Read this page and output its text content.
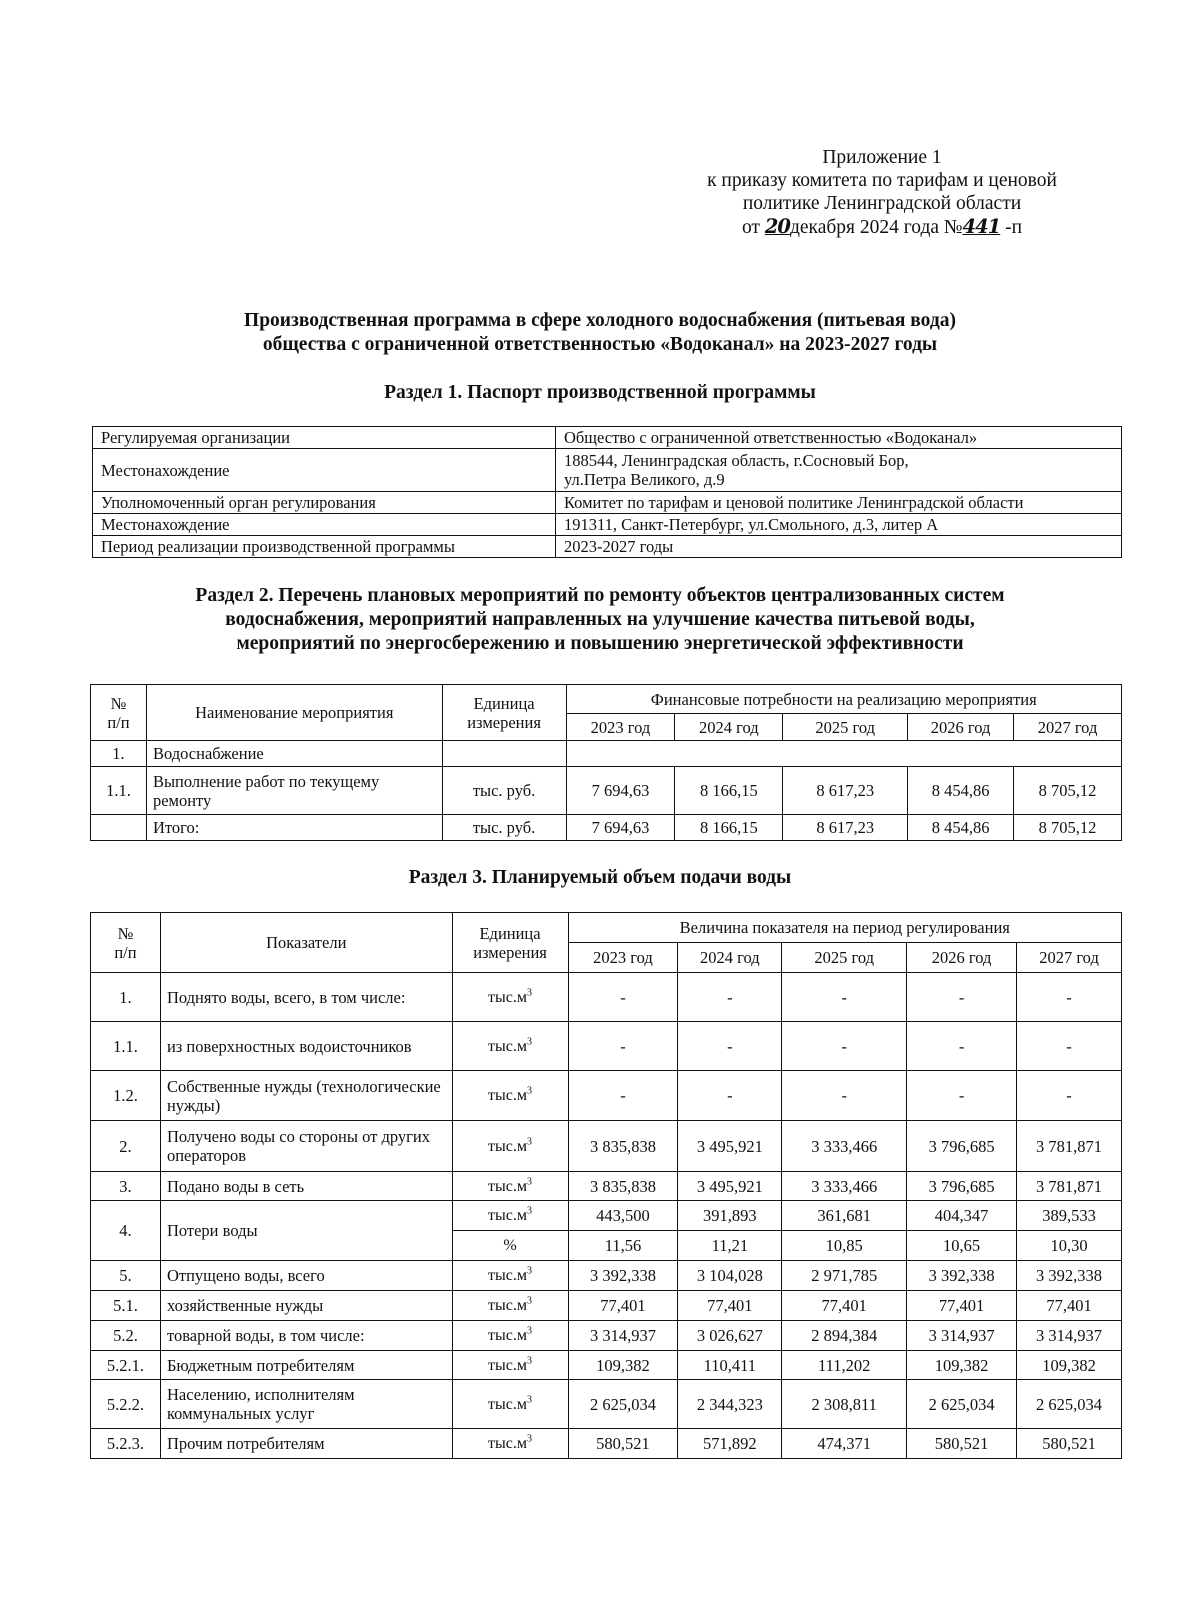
Приложение 1
к приказу комитета по тарифам и ценовой
политике Ленинградской области
от 20декабря 2024 года №441 -п
Производственная программа в сфере холодного водоснабжения (питьевая вода)
общества с ограниченной ответственностью «Водоканал» на 2023-2027 годы
Раздел 1. Паспорт производственной программы
Регулируемая организации	Общество с ограниченной ответственностью «Водоканал»
Местонахождение	188544, Ленинградская область, г.Сосновый Бор,
ул.Петра Великого, д.9

Уполномоченный орган регулирования	Комитет по тарифам и ценовой политике Ленинградской области
Местонахождение	191311, Санкт-Петербург, ул.Смольного, д.3, литер А
Период реализации производственной программы	2023-2027 годы
Раздел 2. Перечень плановых мероприятий по ремонту объектов централизованных систем
водоснабжения, мероприятий направленных на улучшение качества питьевой воды,
мероприятий по энергосбережению и повышению энергетической эффективности
№
п/п	Наименование мероприятия	Единица
измерения
	Финансовые потребности на реализацию мероприятия
			2023 год	2024 год	2025 год	2026 год	2027 год
1.	Водоснабжение						
1.1.	Выполнение работ по текущему ремонту	тыс. руб.	7 694,63	8 166,15	8 617,23	8 454,86	8 705,12
	Итого:	тыс. руб.	7 694,63	8 166,15	8 617,23	8 454,86	8 705,12
Раздел 3. Планируемый объем подачи воды
№
п/п	Показатели	Единица
измерения
	Величина показателя на период регулирования
			2023 год	2024 год	2025 год	2026 год	2027 год
1.	Поднято воды, всего, в том числе:	$тыс.м^3$	-	-	-	-	-
1.1.	из поверхностных водоисточников	$тыс.м^3$	-	-	-	-	-
1.2.	Собственные нужды (технологические нужды)	$тыс.м^3$	-	-	-	-	-
2.	Получено воды со стороны от других операторов	$тыс.м^3$	3 835,838	3 495,921	3 333,466	3 796,685	3 781,871
3.	Подано воды в сеть	$тыс.м^3$	3 835,838	3 495,921	3 333,466	3 796,685	3 781,871
4.	Потери воды	$тыс.м^3$	443,500	391,893	361,681	404,347	389,533
		%	11,56	11,21	10,85	10,65	10,30
5.	Отпущено воды, всего	$тыс.м^3$	3 392,338	3 104,028	2 971,785	3 392,338	3 392,338
5.1.	хозяйственные нужды	$тыс.м^3$	77,401	77,401	77,401	77,401	77,401
5.2.	товарной воды, в том числе:	$тыс.м^3$	3 314,937	3 026,627	2 894,384	3 314,937	3 314,937
5.2.1.	Бюджетным потребителям	$тыс.м^3$	109,382	110,411	111,202	109,382	109,382
5.2.2.	Населению, исполнителям коммунальных услуг	$тыс.м^3$	2 625,034	2 344,323	2 308,811	2 625,034	2 625,034
5.2.3.	Прочим потребителям	$тыс.м^3$	580,521	571,892	474,371	580,521	580,521
